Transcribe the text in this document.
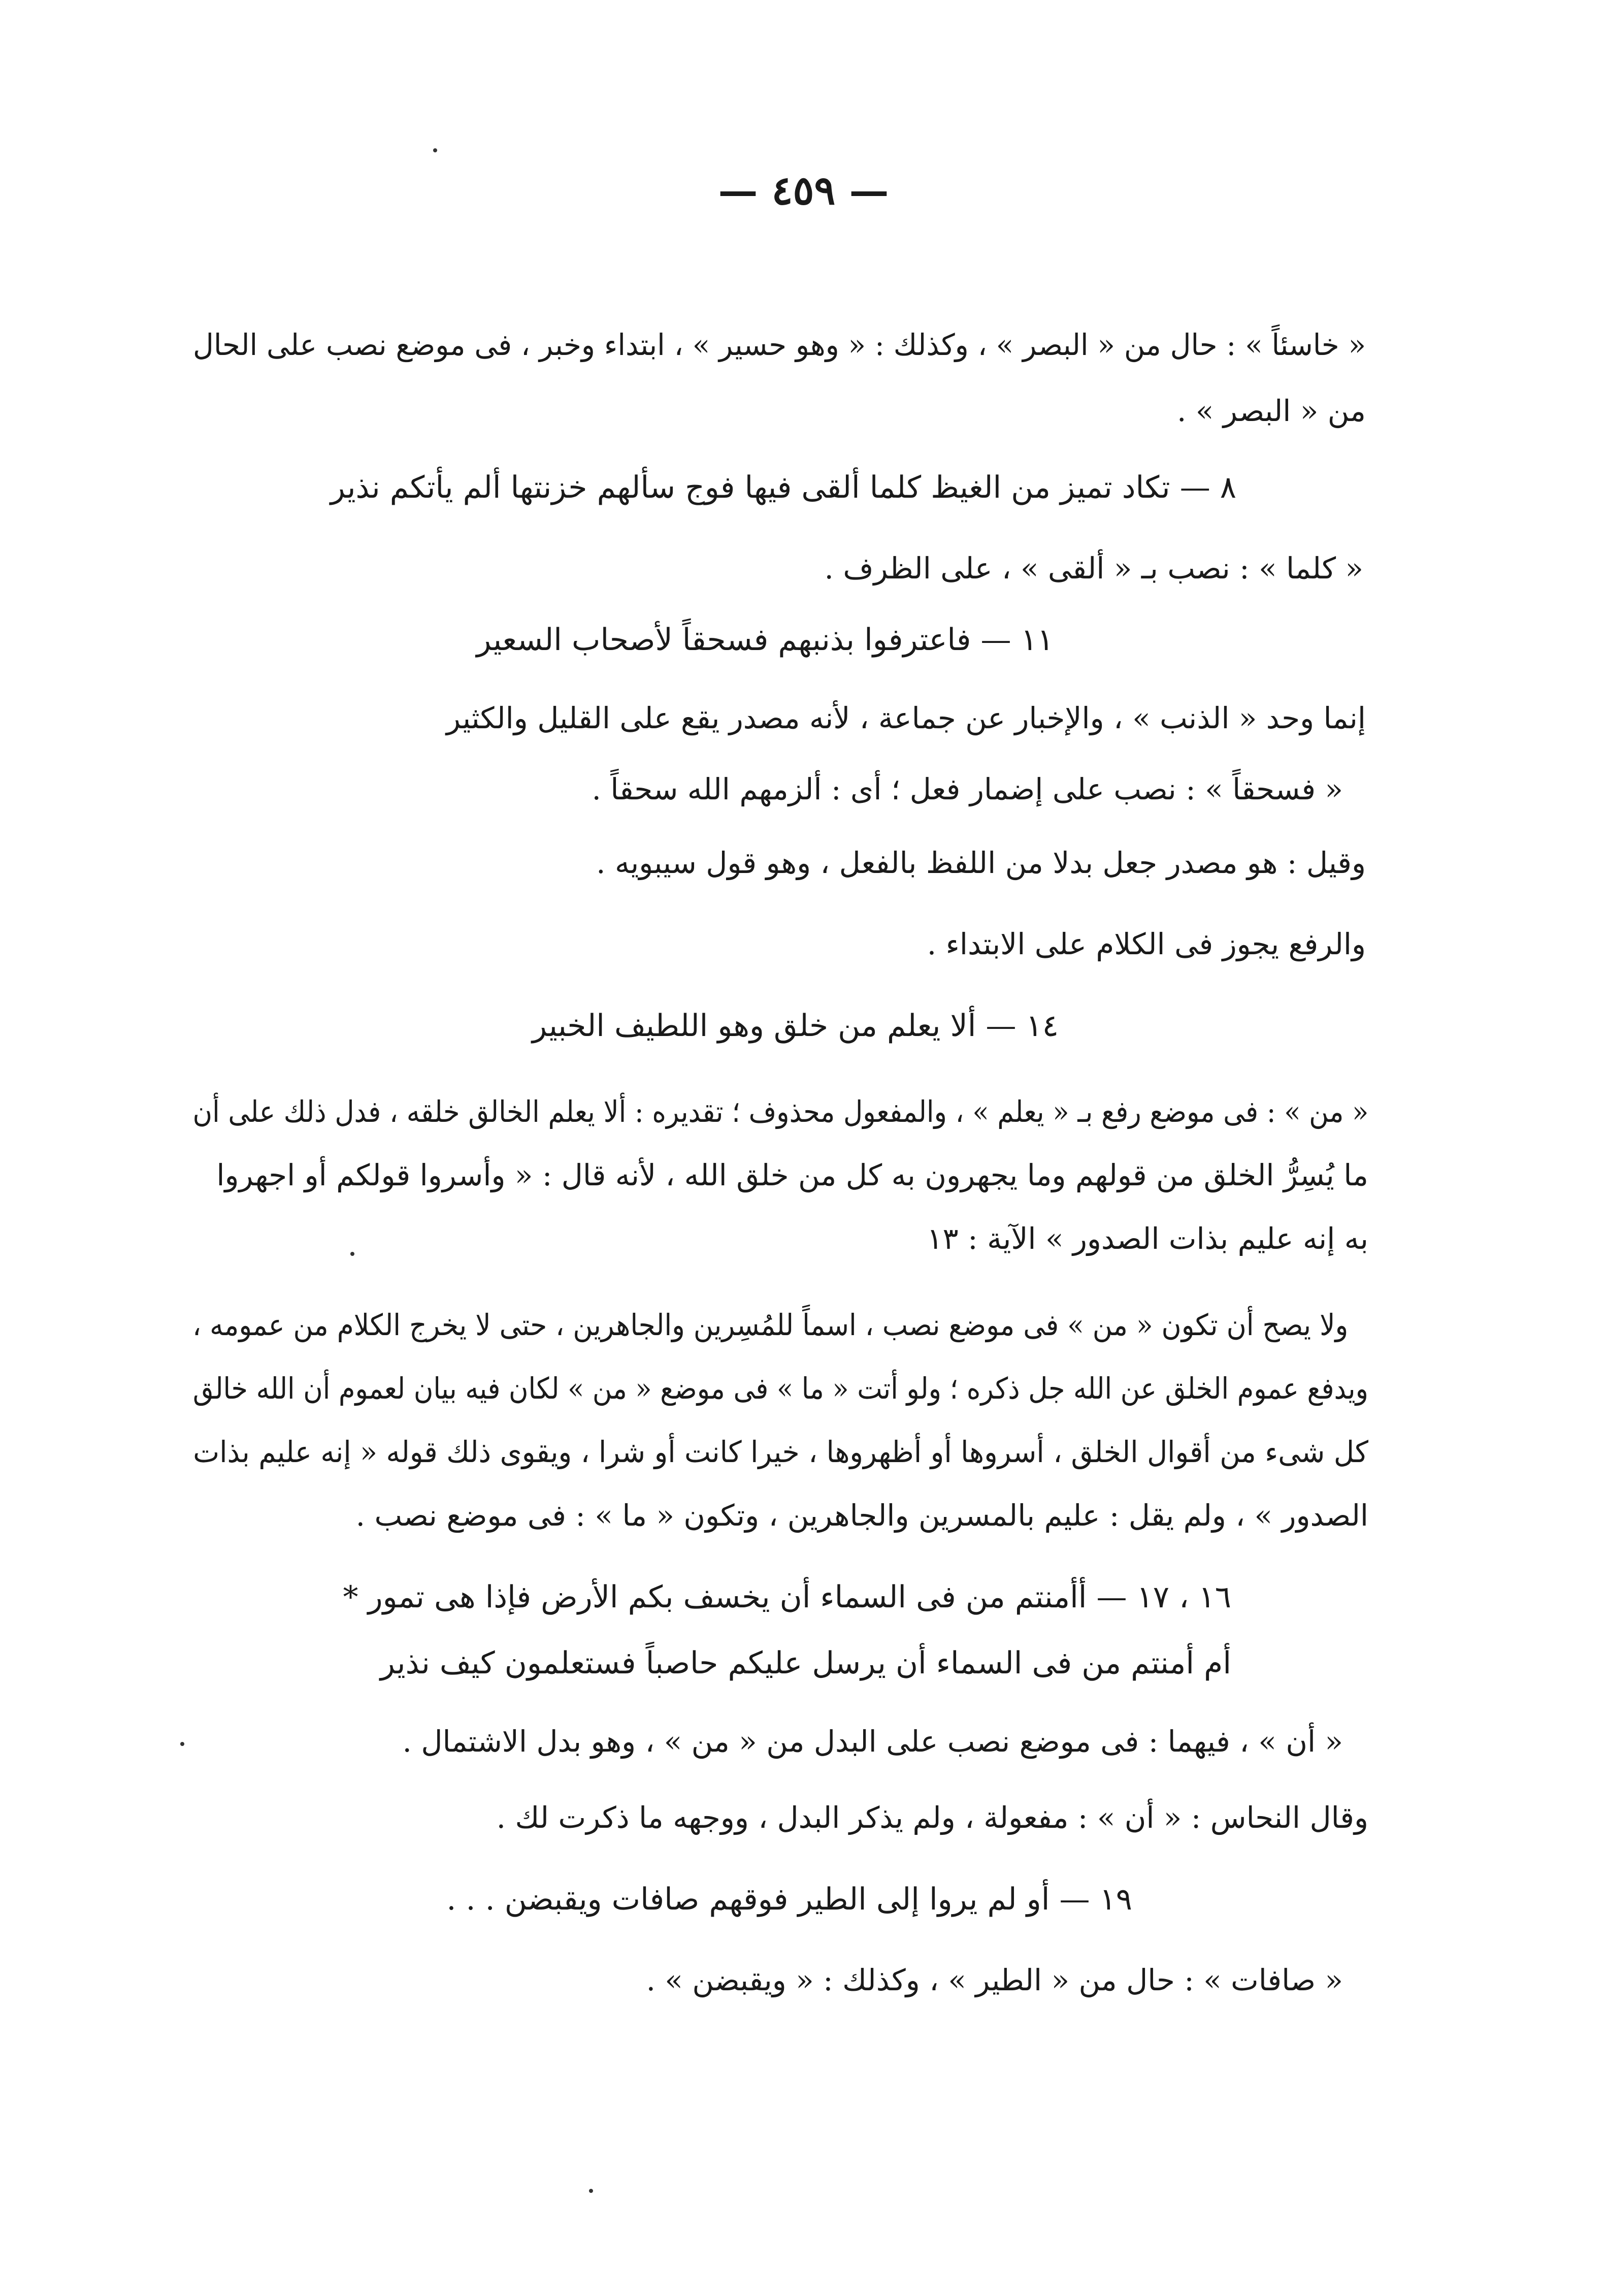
— ٤٥٩ —
« خاسئاً » : حال من « البصر » ، وكذلك : « وهو حسير » ، ابتداء وخبر ، فى موضع نصب على الحال
من « البصر » .
٨ — تكاد تميز من الغيظ كلما ألقى فيها فوج سألهم خزنتها ألم يأتكم نذير
« كلما » : نصب بـ « ألقى » ، على الظرف .
١١ — فاعترفوا بذنبهم فسحقاً لأصحاب السعير
إنما وحد « الذنب » ، والإخبار عن جماعة ، لأنه مصدر يقع على القليل والكثير
« فسحقاً » : نصب على إضمار فعل ؛ أى : ألزمهم الله سحقاً .
وقيل : هو مصدر جعل بدلا من اللفظ بالفعل ، وهو قول سيبويه .
والرفع يجوز فى الكلام على الابتداء .
١٤ — ألا يعلم من خلق وهو اللطيف الخبير
« من » : فى موضع رفع بـ « يعلم » ، والمفعول محذوف ؛ تقديره : ألا يعلم الخالق خلقه ، فدل ذلك على أن
ما يُسِرُّ الخلق من قولهم وما يجهرون به كل من خلق الله ، لأنه قال : « وأسروا قولكم أو اجهروا
به إنه عليم بذات الصدور » الآية : ١٣
ولا يصح أن تكون « من » فى موضع نصب ، اسماً للمُسِرين والجاهرين ، حتى لا يخرج الكلام من عمومه ،
ويدفع عموم الخلق عن الله جل ذكره ؛ ولو أتت « ما » فى موضع « من » لكان فيه بيان لعموم أن الله خالق
كل شىء من أقوال الخلق ، أسروها أو أظهروها ، خيرا كانت أو شرا ، ويقوى ذلك قوله « إنه عليم بذات
الصدور » ، ولم يقل : عليم بالمسرين والجاهرين ، وتكون « ما » : فى موضع نصب .
١٦ ، ١٧ — أأمنتم من فى السماء أن يخسف بكم الأرض فإذا هى تمور *
أم أمنتم من فى السماء أن يرسل عليكم حاصباً فستعلمون كيف نذير
« أن » ، فيهما : فى موضع نصب على البدل من « من » ، وهو بدل الاشتمال .
وقال النحاس : « أن » : مفعولة ، ولم يذكر البدل ، ووجهه ما ذكرت لك .
١٩ — أو لم يروا إلى الطير فوقهم صافات ويقبضن . . .
« صافات » : حال من « الطير » ، وكذلك : « ويقبضن » .
